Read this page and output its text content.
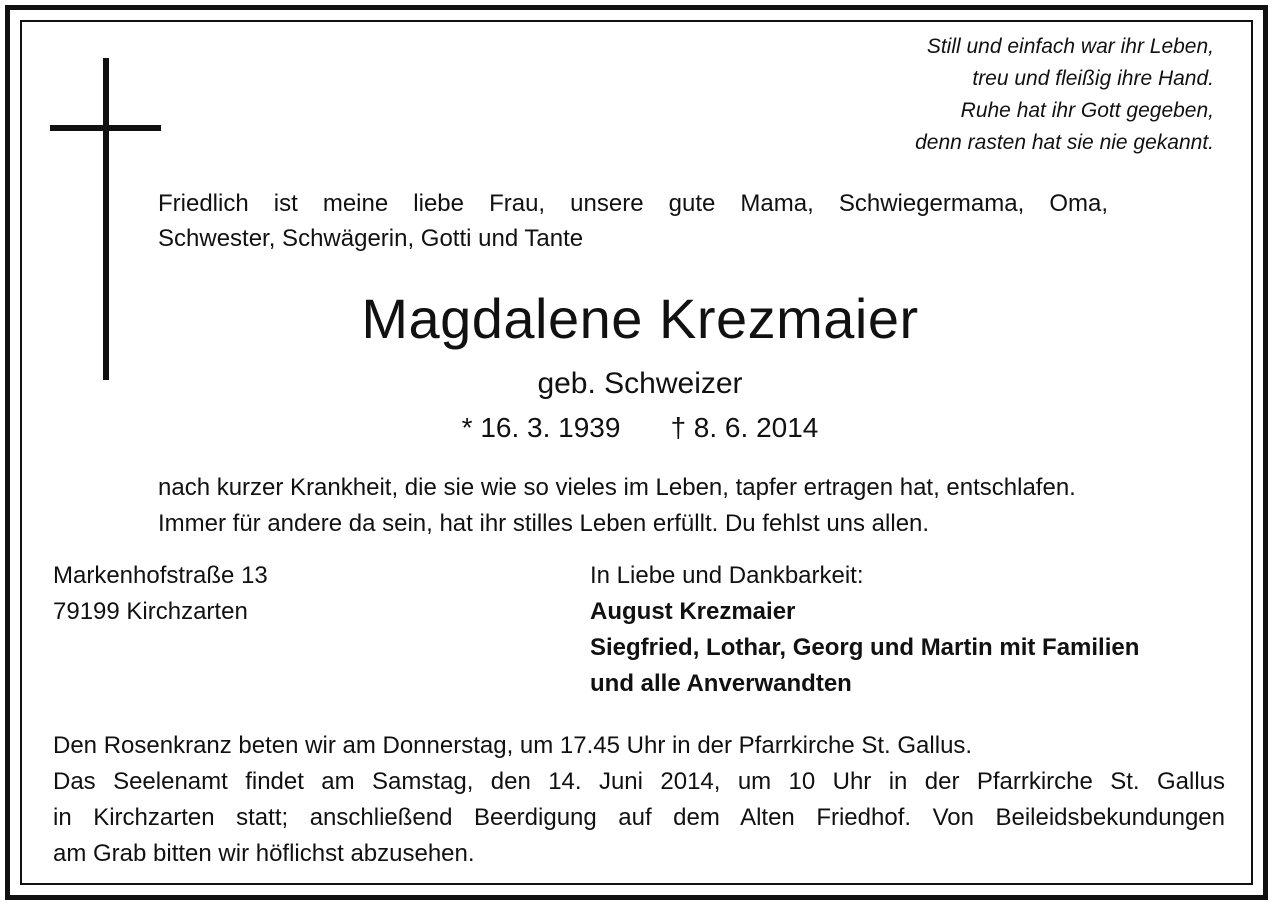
Still und einfach war ihr Leben,
treu und fleißig ihre Hand.
Ruhe hat ihr Gott gegeben,
denn rasten hat sie nie gekannt.
Friedlich ist meine liebe Frau, unsere gute Mama, Schwiegermama, Oma,
Schwester, Schwägerin, Gotti und Tante
Magdalene Krezmaier
geb. Schweizer
* 16. 3. 1939 † 8. 6. 2014
nach kurzer Krankheit, die sie wie so vieles im Leben, tapfer ertragen hat, entschlafen.
Immer für andere da sein, hat ihr stilles Leben erfüllt. Du fehlst uns allen.
Markenhofstraße 13
79199 Kirchzarten
In Liebe und Dankbarkeit:
August Krezmaier
Siegfried, Lothar, Georg und Martin mit Familien
und alle Anverwandten
Den Rosenkranz beten wir am Donnerstag, um 17.45 Uhr in der Pfarrkirche St. Gallus.
Das Seelenamt findet am Samstag, den 14. Juni 2014, um 10 Uhr in der Pfarrkirche St. Gallus
in Kirchzarten statt; anschließend Beerdigung auf dem Alten Friedhof. Von Beileidsbekundungen
am Grab bitten wir höflichst abzusehen.
